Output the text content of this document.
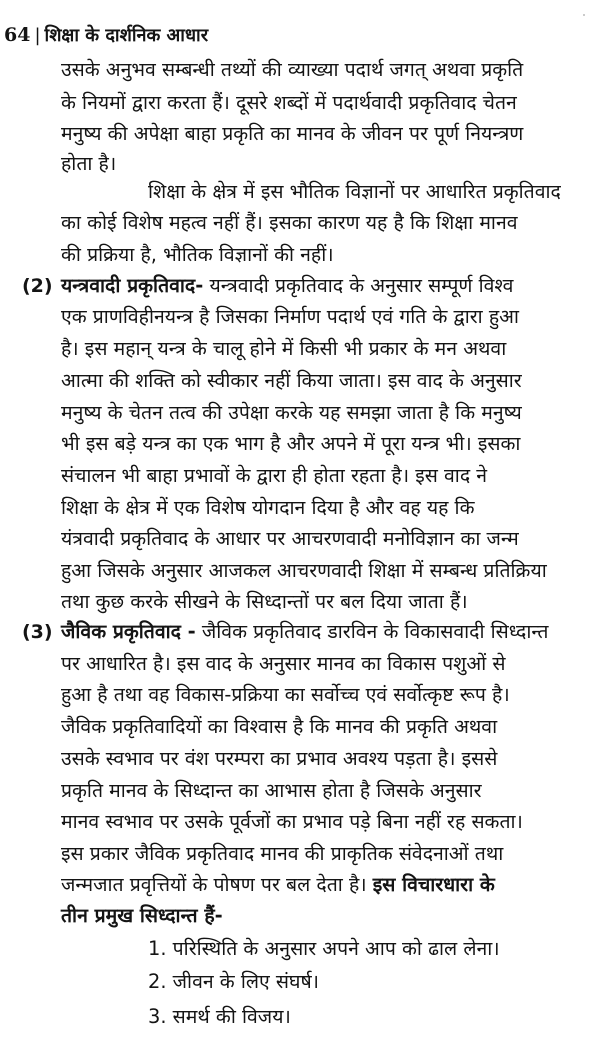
64 | शिक्षा के दार्शनिक आधार
उसके अनुभव सम्बन्धी तथ्यों की व्याख्या पदार्थ जगत् अथवा प्रकृति
के नियमों द्वारा करता हैं। दूसरे शब्दों में पदार्थवादी प्रकृतिवाद चेतन
मनुष्य की अपेक्षा बाहा प्रकृति का मानव के जीवन पर पूर्ण नियन्त्रण
होता है।
शिक्षा के क्षेत्र में इस भौतिक विज्ञानों पर आधारित प्रकृतिवाद
का कोई विशेष महत्व नहीं हैं। इसका कारण यह है कि शिक्षा मानव
की प्रक्रिया है, भौतिक विज्ञानों की नहीं।
(2) यन्त्रवादी प्रकृतिवाद- यन्त्रवादी प्रकृतिवाद के अनुसार सम्पूर्ण विश्व
एक प्राणविहीनयन्त्र है जिसका निर्माण पदार्थ एवं गति के द्वारा हुआ
है। इस महान् यन्त्र के चालू होने में किसी भी प्रकार के मन अथवा
आत्मा की शक्ति को स्वीकार नहीं किया जाता। इस वाद के अनुसार
मनुष्य के चेतन तत्व की उपेक्षा करके यह समझा जाता है कि मनुष्य
भी इस बड़े यन्त्र का एक भाग है और अपने में पूरा यन्त्र भी। इसका
संचालन भी बाहा प्रभावों के द्वारा ही होता रहता है। इस वाद ने
शिक्षा के क्षेत्र में एक विशेष योगदान दिया है और वह यह कि
यंत्रवादी प्रकृतिवाद के आधार पर आचरणवादी मनोविज्ञान का जन्म
हुआ जिसके अनुसार आजकल आचरणवादी शिक्षा में सम्बन्ध प्रतिक्रिया
तथा कुछ करके सीखने के सिध्दान्तों पर बल दिया जाता हैं।
(3) जैविक प्रकृतिवाद - जैविक प्रकृतिवाद डारविन के विकासवादी सिध्दान्त
पर आधारित है। इस वाद के अनुसार मानव का विकास पशुओं से
हुआ है तथा वह विकास-प्रक्रिया का सर्वोच्च एवं सर्वोत्कृष्ट रूप है।
जैविक प्रकृतिवादियों का विश्वास है कि मानव की प्रकृति अथवा
उसके स्वभाव पर वंश परम्परा का प्रभाव अवश्य पड़ता है। इससे
प्रकृति मानव के सिध्दान्त का आभास होता है जिसके अनुसार
मानव स्वभाव पर उसके पूर्वजों का प्रभाव पड़े बिना नहीं रह सकता।
इस प्रकार जैविक प्रकृतिवाद मानव की प्राकृतिक संवेदनाओं तथा
जन्मजात प्रवृत्तियों के पोषण पर बल देता है। इस विचारधारा के
तीन प्रमुख सिध्दान्त हैं-
1. परिस्थिति के अनुसार अपने आप को ढाल लेना।
2. जीवन के लिए संघर्ष।
3. समर्थ की विजय।
